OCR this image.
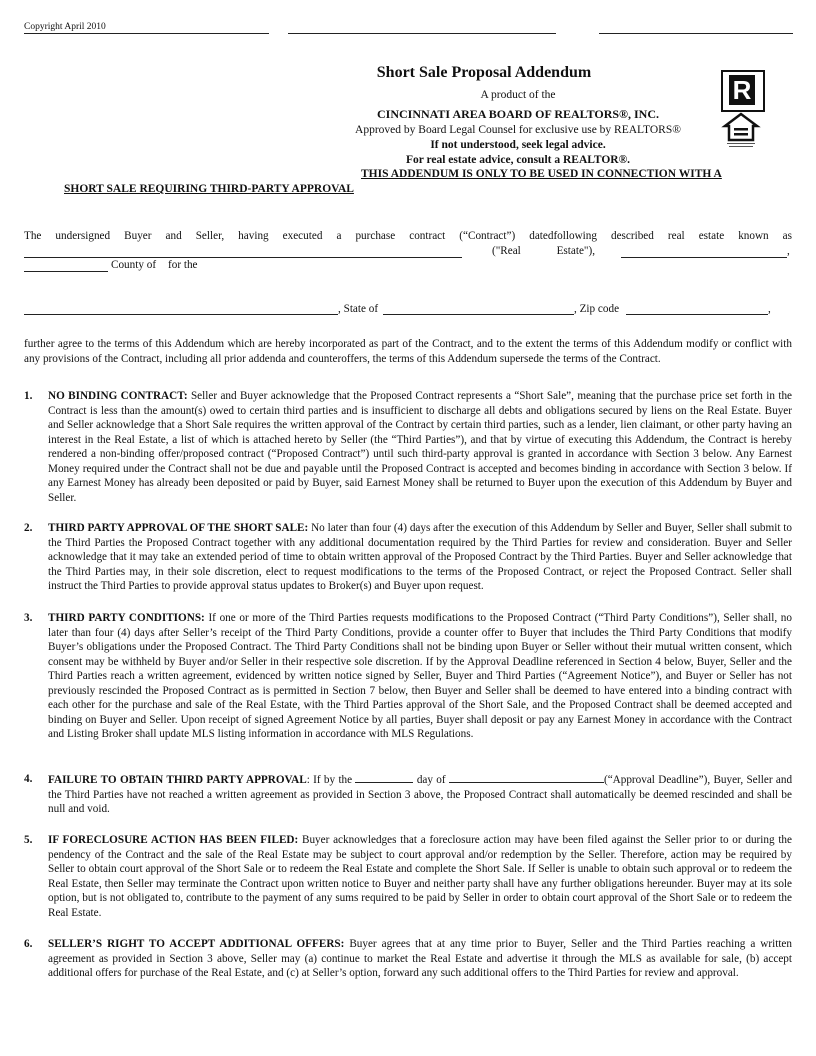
Copyright April 2010
Short Sale Proposal Addendum
A product of the
CINCINNATI AREA BOARD OF REALTORS®, INC.
Approved by Board Legal Counsel for exclusive use by REALTORS®
If not understood, seek legal advice.
For real estate advice, consult a REALTOR®.
THIS ADDENDUM IS ONLY TO BE USED IN CONNECTION WITH A
SHORT SALE REQUIRING THIRD-PARTY APPROVAL
R
The undersigned Buyer and Seller, having executed a purchase contract (“Contract”) datedfollowing described real estate known as
("Real Estate"),	,
County of for the
, State of	, Zip code	,
further agree to the terms of this Addendum which are hereby incorporated as part of the Contract, and to the extent the terms of this Addendum modify or conflict with any provisions of the Contract, including all prior addenda and counteroffers, the terms of this Addendum supersede the terms of the Contract.
1. NO BINDING CONTRACT: Seller and Buyer acknowledge that the Proposed Contract represents a “Short Sale”, meaning that the purchase price set forth in the Contract is less than the amount(s) owed to certain third parties and is insufficient to discharge all debts and obligations secured by liens on the Real Estate. Buyer and Seller acknowledge that a Short Sale requires the written approval of the Contract by certain third parties, such as a lender, lien claimant, or other party having an interest in the Real Estate, a list of which is attached hereto by Seller (the “Third Parties”), and that by virtue of executing this Addendum, the Contract is hereby rendered a non-binding offer/proposed contract (“Proposed Contract”) until such third-party approval is granted in accordance with Section 3 below. Any Earnest Money required under the Contract shall not be due and payable until the Proposed Contract is accepted and becomes binding in accordance with Section 3 below. If any Earnest Money has already been deposited or paid by Buyer, said Earnest Money shall be returned to Buyer upon the execution of this Addendum by Buyer and Seller.
2. THIRD PARTY APPROVAL OF THE SHORT SALE: No later than four (4) days after the execution of this Addendum by Seller and Buyer, Seller shall submit to the Third Parties the Proposed Contract together with any additional documentation required by the Third Parties for review and consideration. Buyer and Seller acknowledge that it may take an extended period of time to obtain written approval of the Proposed Contract by the Third Parties. Buyer and Seller acknowledge that the Third Parties may, in their sole discretion, elect to request modifications to the terms of the Proposed Contract, or reject the Proposed Contract. Seller shall instruct the Third Parties to provide approval status updates to Broker(s) and Buyer upon request.
3. THIRD PARTY CONDITIONS: If one or more of the Third Parties requests modifications to the Proposed Contract (“Third Party Conditions”), Seller shall, no later than four (4) days after Seller’s receipt of the Third Party Conditions, provide a counter offer to Buyer that includes the Third Party Conditions that modify Buyer’s obligations under the Proposed Contract. The Third Party Conditions shall not be binding upon Buyer or Seller without their mutual written consent, which consent may be withheld by Buyer and/or Seller in their respective sole discretion. If by the Approval Deadline referenced in Section 4 below, Buyer, Seller and the Third Parties reach a written agreement, evidenced by written notice signed by Seller, Buyer and Third Parties (“Agreement Notice”), and Buyer or Seller has not previously rescinded the Proposed Contract as is permitted in Section 7 below, then Buyer and Seller shall be deemed to have entered into a binding contract with each other for the purchase and sale of the Real Estate, with the Third Parties approval of the Short Sale, and the Proposed Contract shall be deemed accepted and binding on Buyer and Seller. Upon receipt of signed Agreement Notice by all parties, Buyer shall deposit or pay any Earnest Money in accordance with the Contract and Listing Broker shall update MLS listing information in accordance with MLS Regulations.
4. FAILURE TO OBTAIN THIRD PARTY APPROVAL: If by the	day of	(“Approval Deadline”), Buyer, Seller and the Third Parties have not reached a written agreement as provided in Section 3 above, the Proposed Contract shall automatically be deemed rescinded and shall be null and void.
5. IF FORECLOSURE ACTION HAS BEEN FILED: Buyer acknowledges that a foreclosure action may have been filed against the Seller prior to or during the pendency of the Contract and the sale of the Real Estate may be subject to court approval and/or redemption by the Seller. Therefore, action may be required by Seller to obtain court approval of the Short Sale or to redeem the Real Estate and complete the Short Sale. If Seller is unable to obtain such approval or to redeem the Real Estate, then Seller may terminate the Contract upon written notice to Buyer and neither party shall have any further obligations hereunder. Buyer may at its sole option, but is not obligated to, contribute to the payment of any sums required to be paid by Seller in order to obtain court approval of the Short Sale or to redeem the Real Estate.
6. SELLER’S RIGHT TO ACCEPT ADDITIONAL OFFERS: Buyer agrees that at any time prior to Buyer, Seller and the Third Parties reaching a written agreement as provided in Section 3 above, Seller may (a) continue to market the Real Estate and advertise it through the MLS as available for sale, (b) accept additional offers for purchase of the Real Estate, and (c) at Seller’s option, forward any such additional offers to the Third Parties for review and approval.
